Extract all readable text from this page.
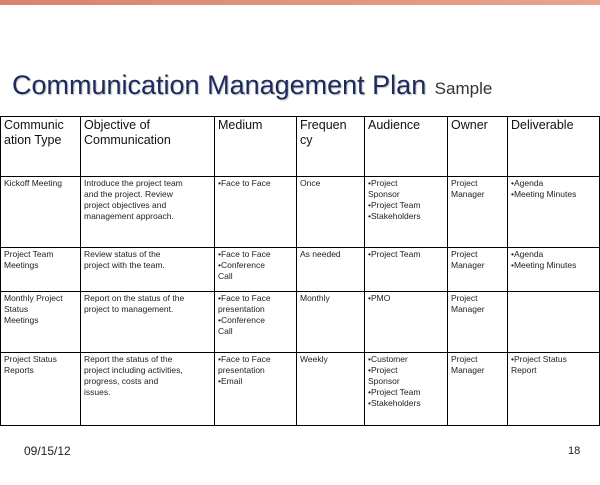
Communication Management Plan Sample
Communic
ation Type	Objective of
Communication	Medium	Frequen
cy	Audience	Owner	Deliverable

Kickoff Meeting	Introduce the project team
and the project. Review
project objectives and
management approach.	•Face to Face	Once	•Project
Sponsor
•Project Team
•Stakeholders	Project
Manager	•Agenda
•Meeting Minutes

Project Team
Meetings	Review status of the
project with the team.	•Face to Face
•Conference
Call	As needed	•Project Team	Project
Manager	•Agenda
•Meeting Minutes

Monthly Project
Status
Meetings	Report on the status of the
project to management.	•Face to Face
presentation
•Conference
Call	Monthly	•PMO	Project
Manager	

Project Status
Reports	Report the status of the
project including activities,
progress, costs and
issues.	•Face to Face
presentation
•Email	Weekly	•Customer
•Project
Sponsor
•Project Team
•Stakeholders	Project
Manager	•Project Status
Report
09/15/12	18
